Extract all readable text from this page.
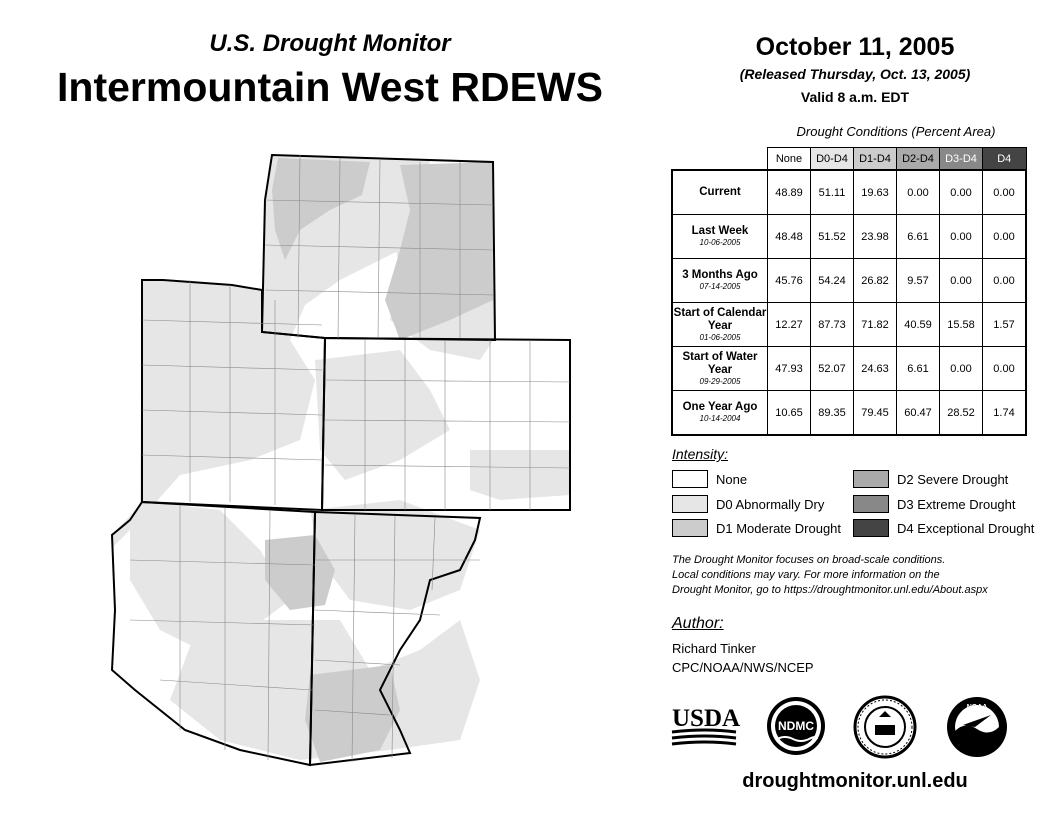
U.S. Drought Monitor
Intermountain West RDEWS
October 11, 2005
(Released Thursday, Oct. 13, 2005)
Valid 8 a.m. EDT
Drought Conditions (Percent Area)
	None	D0-D4	D1-D4	D2-D4	D3-D4	D4
Current	48.89	51.11	19.63	0.00	0.00	0.00
Last Week
10-06-2005	48.48	51.52	23.98	6.61	0.00	0.00
3 Months Ago
07-14-2005	45.76	54.24	26.82	9.57	0.00	0.00
Start of Calendar Year
01-06-2005	12.27	87.73	71.82	40.59	15.58	1.57
Start of Water Year
09-29-2005	47.93	52.07	24.63	6.61	0.00	0.00
One Year Ago
10-14-2004	10.65	89.35	79.45	60.47	28.52	1.74
Intensity:
None
D0 Abnormally Dry
D1 Moderate Drought
D2 Severe Drought
D3 Extreme Drought
D4 Exceptional Drought
The Drought Monitor focuses on broad-scale conditions.
Local conditions may vary. For more information on the
Drought Monitor, go to https://droughtmonitor.unl.edu/About.aspx
Author:
Richard Tinker
CPC/NOAA/NWS/NCEP
USDA	NDMC
NOAA
droughtmonitor.unl.edu
